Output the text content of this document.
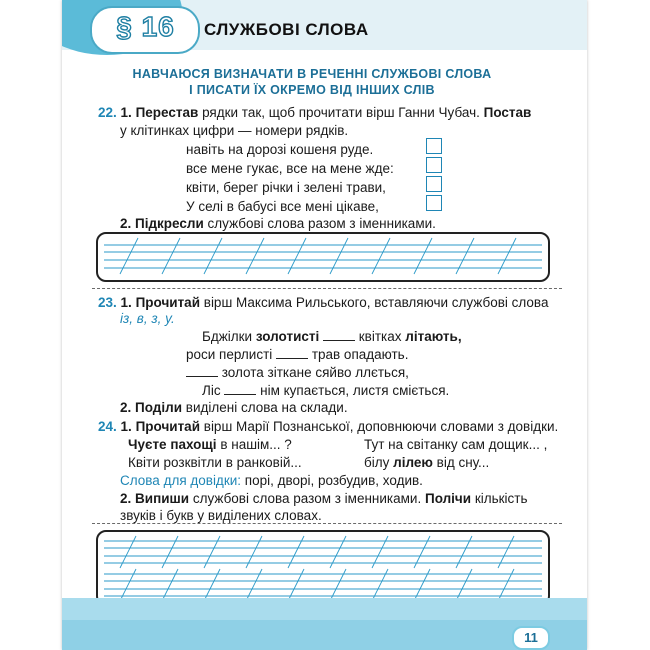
§ 16	СЛУЖБОВІ СЛОВА
НАВЧАЮСЯ ВИЗНАЧАТИ В РЕЧЕННІ СЛУЖБОВІ СЛОВА
І ПИСАТИ ЇХ ОКРЕМО ВІД ІНШИХ СЛІВ
22. 1. Перестав рядки так, щоб прочитати вірш Ганни Чубач. Постав
у клітинках цифри — номери рядків.
навіть на дорозі кошеня руде.
все мене гукає, все на мене жде:
квіти, берег річки і зелені трави,
У селі в бабусі все мені цікаве,
2. Підкресли службові слова разом з іменниками.
23. 1. Прочитай вірш Максима Рильського, вставляючи службові слова
із, в, з, у.
Бджілки золотисті	квітках літають,
роси перлисті	трав опадають.
золота зіткане сяйво ллється,
Ліс	нім купається, листя сміється.
2. Поділи виділені слова на склади.
24. 1. Прочитай вірш Марії Познанської, доповнюючи словами з довідки.
Чуєте пахощі в нашім... ?	Тут на світанку сам дощик... ,
Квіти розквітли в ранковій...	білу лілею від сну...
Слова для довідки: порі, дворі, розбудив, ходив.
2. Випиши службові слова разом з іменниками. Полічи кількість
звуків і букв у виділених словах.
11
